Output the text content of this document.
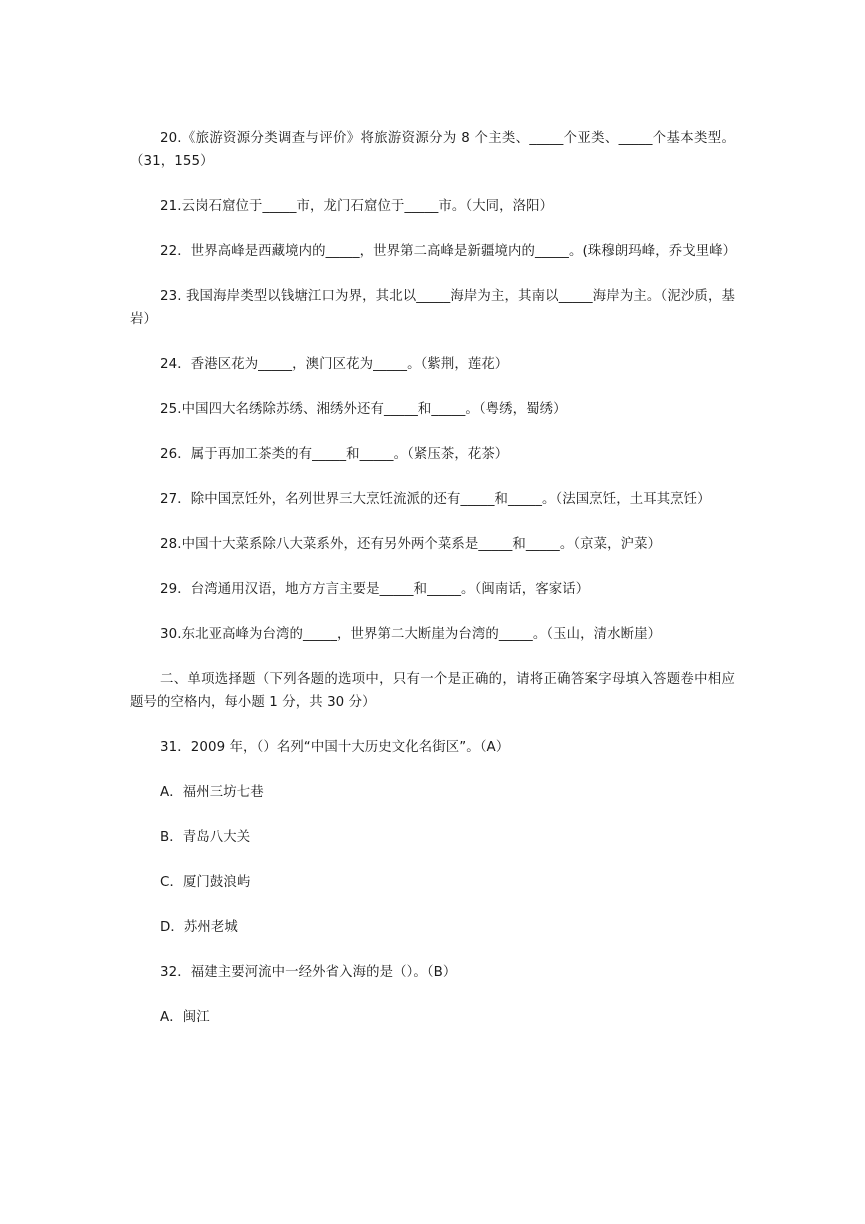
20.《旅游资源分类调查与评价》将旅游资源分为 8 个主类、_____个亚类、_____个基本类型。（31，155）

21.云岗石窟位于_____市，龙门石窟位于_____市。（大同，洛阳）

22．世界高峰是西藏境内的_____，世界第二高峰是新疆境内的_____。(珠穆朗玛峰，乔戈里峰）

23. 我国海岸类型以钱塘江口为界，其北以_____海岸为主，其南以_____海岸为主。（泥沙质，基岩）

24．香港区花为_____，澳门区花为_____。（紫荆，莲花）

25.中国四大名绣除苏绣、湘绣外还有_____和_____。（粤绣，蜀绣）

26．属于再加工茶类的有_____和_____。（紧压茶，花茶）

27．除中国烹饪外，名列世界三大烹饪流派的还有_____和_____。（法国烹饪，土耳其烹饪）

28.中国十大菜系除八大菜系外，还有另外两个菜系是_____和_____。（京菜，沪菜）

29．台湾通用汉语，地方方言主要是_____和_____。（闽南话，客家话）

30.东北亚高峰为台湾的_____，世界第二大断崖为台湾的_____。（玉山，清水断崖）

二、单项选择题（下列各题的选项中，只有一个是正确的，请将正确答案字母填入答题卷中相应题号的空格内，每小题 1 分，共 30 分）

31．2009 年，（）名列“中国十大历史文化名街区”。（A）

A．福州三坊七巷

B．青岛八大关

C．厦门鼓浪屿

D．苏州老城

32．福建主要河流中一经外省入海的是（）。（B）

A．闽江
